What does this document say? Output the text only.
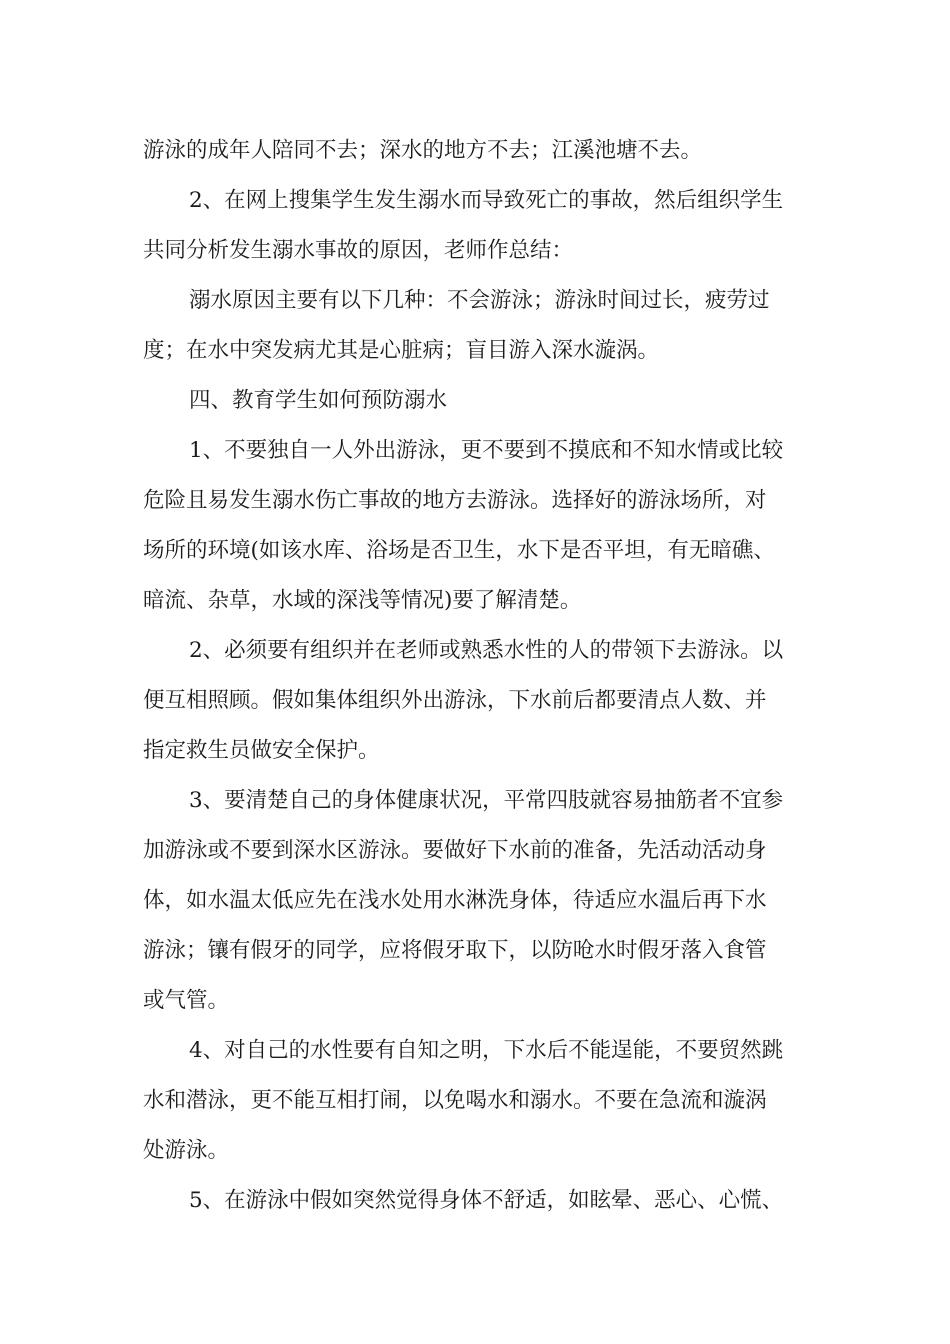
游泳的成年人陪同不去；深水的地方不去；江溪池塘不去。
2、在网上搜集学生发生溺水而导致死亡的事故，然后组织学生
共同分析发生溺水事故的原因，老师作总结：
溺水原因主要有以下几种：不会游泳；游泳时间过长，疲劳过
度；在水中突发病尤其是心脏病；盲目游入深水漩涡。
四、教育学生如何预防溺水
1、不要独自一人外出游泳，更不要到不摸底和不知水情或比较
危险且易发生溺水伤亡事故的地方去游泳。选择好的游泳场所，对
场所的环境(如该水库、浴场是否卫生，水下是否平坦，有无暗礁、
暗流、杂草，水域的深浅等情况)要了解清楚。
2、必须要有组织并在老师或熟悉水性的人的带领下去游泳。以
便互相照顾。假如集体组织外出游泳，下水前后都要清点人数、并
指定救生员做安全保护。
3、要清楚自己的身体健康状况，平常四肢就容易抽筋者不宜参
加游泳或不要到深水区游泳。要做好下水前的准备，先活动活动身
体，如水温太低应先在浅水处用水淋洗身体，待适应水温后再下水
游泳；镶有假牙的同学，应将假牙取下，以防呛水时假牙落入食管
或气管。
4、对自己的水性要有自知之明，下水后不能逞能，不要贸然跳
水和潜泳，更不能互相打闹，以免喝水和溺水。不要在急流和漩涡
处游泳。
5、在游泳中假如突然觉得身体不舒适，如眩晕、恶心、心慌、
